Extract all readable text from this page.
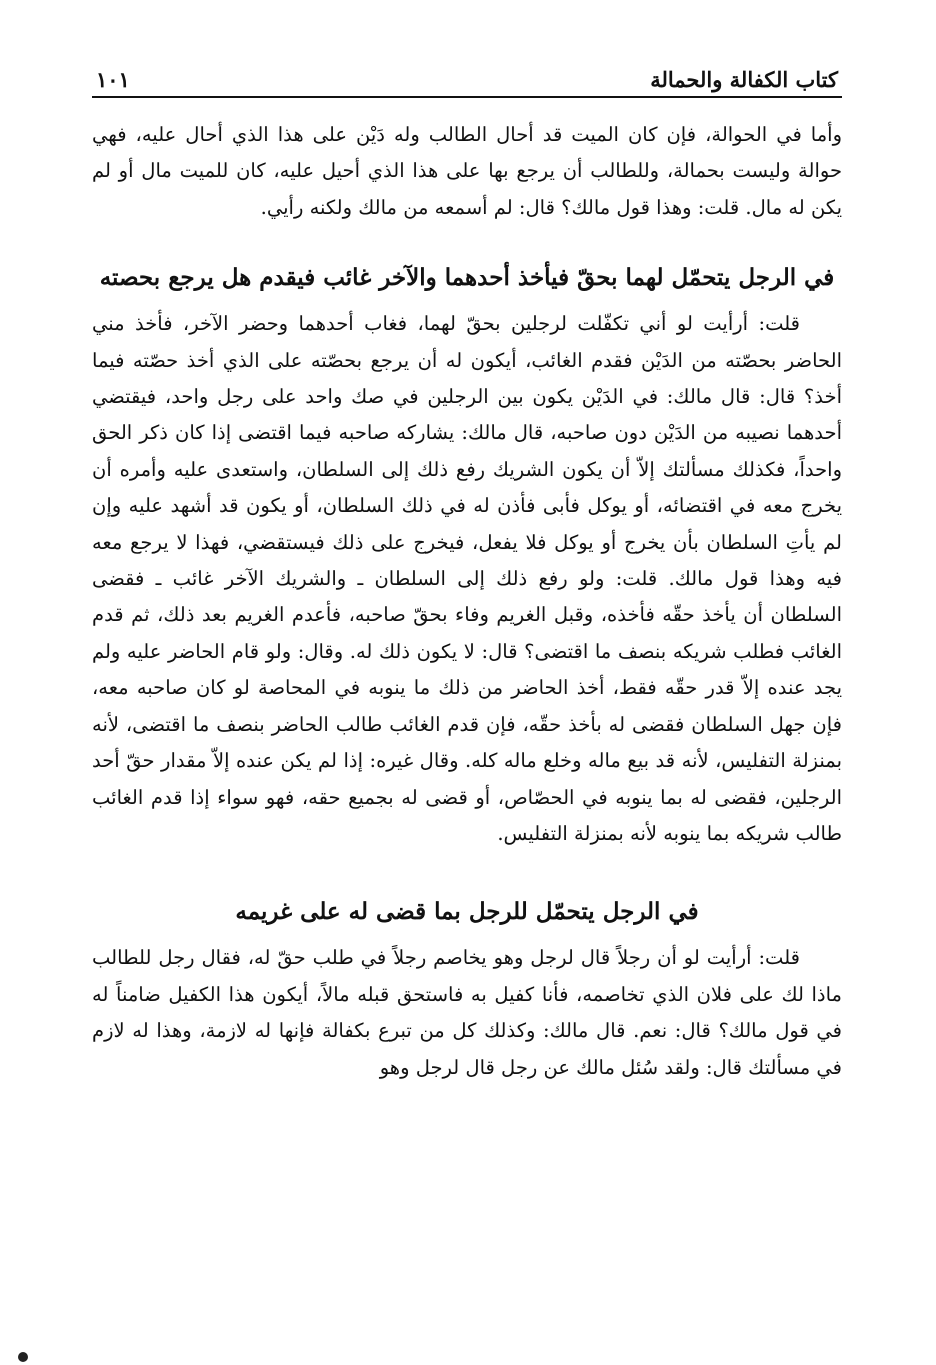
كتاب الكفالة والحمالة
١٠١

وأما في الحوالة، فإن كان الميت قد أحال الطالب وله دَيْن على هذا الذي أحال عليه، فهي حوالة وليست بحمالة، وللطالب أن يرجع بها على هذا الذي أحيل عليه، كان للميت مال أو لم يكن له مال. قلت: وهذا قول مالك؟ قال: لم أسمعه من مالك ولكنه رأيي.

في الرجل يتحمّل لهما بحقّ فيأخذ أحدهما والآخر غائب فيقدم هل يرجع بحصته

قلت: أرأيت لو أني تكفّلت لرجلين بحقّ لهما، فغاب أحدهما وحضر الآخر، فأخذ مني الحاضر بحصّته من الدَيْن فقدم الغائب، أيكون له أن يرجع بحصّته على الذي أخذ حصّته فيما أخذ؟ قال: قال مالك: في الدَيْن يكون بين الرجلين في صك واحد على رجل واحد، فيقتضي أحدهما نصيبه من الدَيْن دون صاحبه، قال مالك: يشاركه صاحبه فيما اقتضى إذا كان ذكر الحق واحداً، فكذلك مسألتك إلاّ أن يكون الشريك رفع ذلك إلى السلطان، واستعدى عليه وأمره أن يخرج معه في اقتضائه، أو يوكل فأبى فأذن له في ذلك السلطان، أو يكون قد أشهد عليه وإن لم يأتِ السلطان بأن يخرج أو يوكل فلا يفعل، فيخرج على ذلك فيستقضي، فهذا لا يرجع معه فيه وهذا قول مالك. قلت: ولو رفع ذلك إلى السلطان ـ والشريك الآخر غائب ـ فقضى السلطان أن يأخذ حقّه فأخذه، وقبل الغريم وفاء بحقّ صاحبه، فأعدم الغريم بعد ذلك، ثم قدم الغائب فطلب شريكه بنصف ما اقتضى؟ قال: لا يكون ذلك له. وقال: ولو قام الحاضر عليه ولم يجد عنده إلاّ قدر حقّه فقط، أخذ الحاضر من ذلك ما ينوبه في المحاصة لو كان صاحبه معه، فإن جهل السلطان فقضى له بأخذ حقّه، فإن قدم الغائب طالب الحاضر بنصف ما اقتضى، لأنه بمنزلة التفليس، لأنه قد بيع ماله وخلع ماله كله. وقال غيره: إذا لم يكن عنده إلاّ مقدار حقّ أحد الرجلين، فقضى له بما ينوبه في الحصّاص، أو قضى له بجميع حقه، فهو سواء إذا قدم الغائب طالب شريكه بما ينوبه لأنه بمنزلة التفليس.

في الرجل يتحمّل للرجل بما قضى له على غريمه

قلت: أرأيت لو أن رجلاً قال لرجل وهو يخاصم رجلاً في طلب حقّ له، فقال رجل للطالب ماذا لك على فلان الذي تخاصمه، فأنا كفيل به فاستحق قبله مالاً، أيكون هذا الكفيل ضامناً له في قول مالك؟ قال: نعم. قال مالك: وكذلك كل من تبرع بكفالة فإنها له لازمة، وهذا له لازم في مسألتك قال: ولقد سُئل مالك عن رجل قال لرجل وهو
